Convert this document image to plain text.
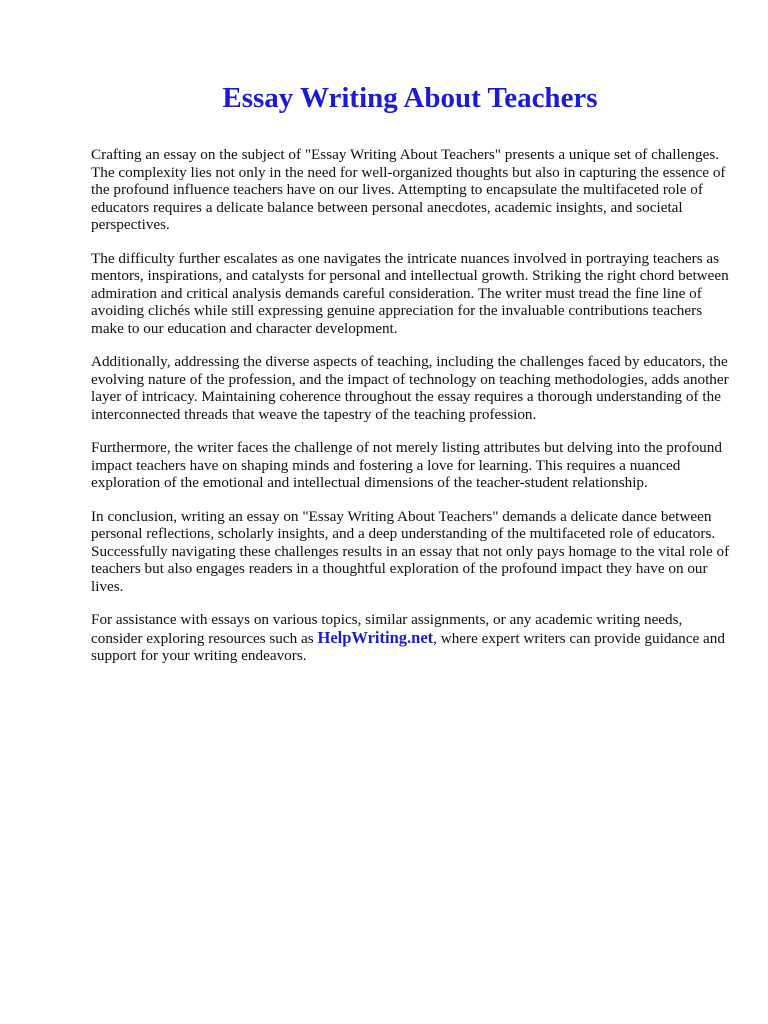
Essay Writing About Teachers

Crafting an essay on the subject of "Essay Writing About Teachers" presents a unique set of challenges. The complexity lies not only in the need for well-organized thoughts but also in capturing the essence of the profound influence teachers have on our lives. Attempting to encapsulate the multifaceted role of educators requires a delicate balance between personal anecdotes, academic insights, and societal perspectives.

The difficulty further escalates as one navigates the intricate nuances involved in portraying teachers as mentors, inspirations, and catalysts for personal and intellectual growth. Striking the right chord between admiration and critical analysis demands careful consideration. The writer must tread the fine line of avoiding clichés while still expressing genuine appreciation for the invaluable contributions teachers make to our education and character development.

Additionally, addressing the diverse aspects of teaching, including the challenges faced by educators, the evolving nature of the profession, and the impact of technology on teaching methodologies, adds another layer of intricacy. Maintaining coherence throughout the essay requires a thorough understanding of the interconnected threads that weave the tapestry of the teaching profession.

Furthermore, the writer faces the challenge of not merely listing attributes but delving into the profound impact teachers have on shaping minds and fostering a love for learning. This requires a nuanced exploration of the emotional and intellectual dimensions of the teacher-student relationship.

In conclusion, writing an essay on "Essay Writing About Teachers" demands a delicate dance between personal reflections, scholarly insights, and a deep understanding of the multifaceted role of educators. Successfully navigating these challenges results in an essay that not only pays homage to the vital role of teachers but also engages readers in a thoughtful exploration of the profound impact they have on our lives.

For assistance with essays on various topics, similar assignments, or any academic writing needs, consider exploring resources such as HelpWriting.net, where expert writers can provide guidance and support for your writing endeavors.
